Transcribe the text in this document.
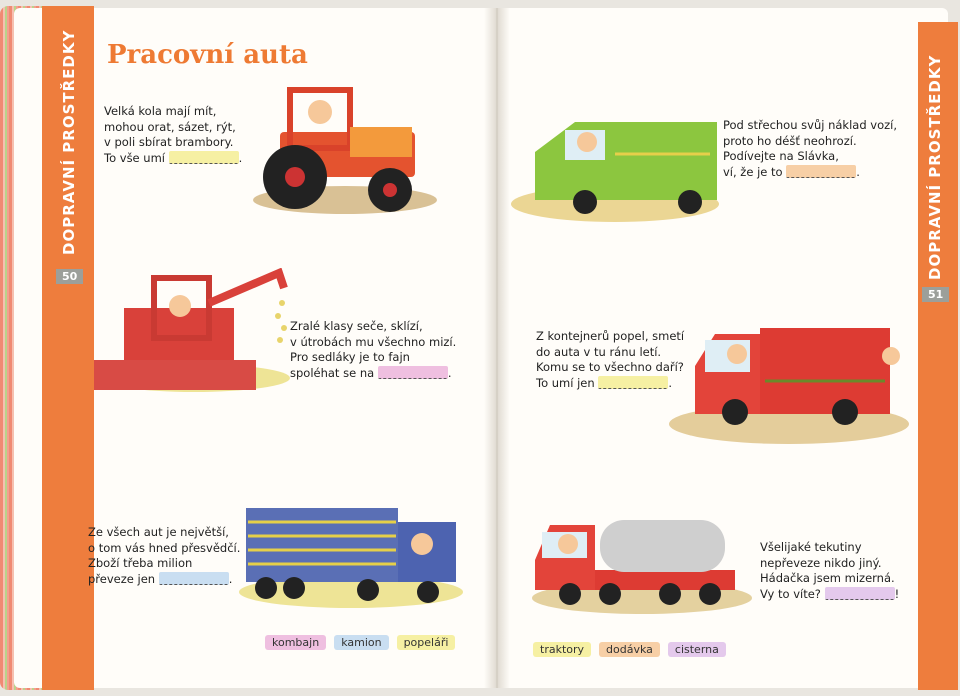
DOPRAVNÍ PROSTŘEDKY
50	DOPRAVNÍ PROSTŘEDKY
51
Pracovní auta
Velká kola mají mít,
mohou orat, sázet, rýt,
v poli sbírat brambory.
To vše umí	.
Zralé klasy seče, sklízí,
v útrobách mu všechno mizí.
Pro sedláky je to fajn
spoléhat se na	.
Ze všech aut je největší,
o tom vás hned přesvědčí.
Zboží třeba milion
převeze jen	.
kombajn	kamion	popeláři
Pod střechou svůj náklad vozí,
proto ho déšť neohrozí.
Podívejte na Slávka,
ví, že je to	.
Z kontejnerů popel, smetí
do auta v tu ránu letí.
Komu se to všechno daří?
To umí jen	.
Všelijaké tekutiny
nepřeveze nikdo jiný.
Hádačka jsem mizerná.
Vy to víte?	!
traktory	dodávka	cisterna
